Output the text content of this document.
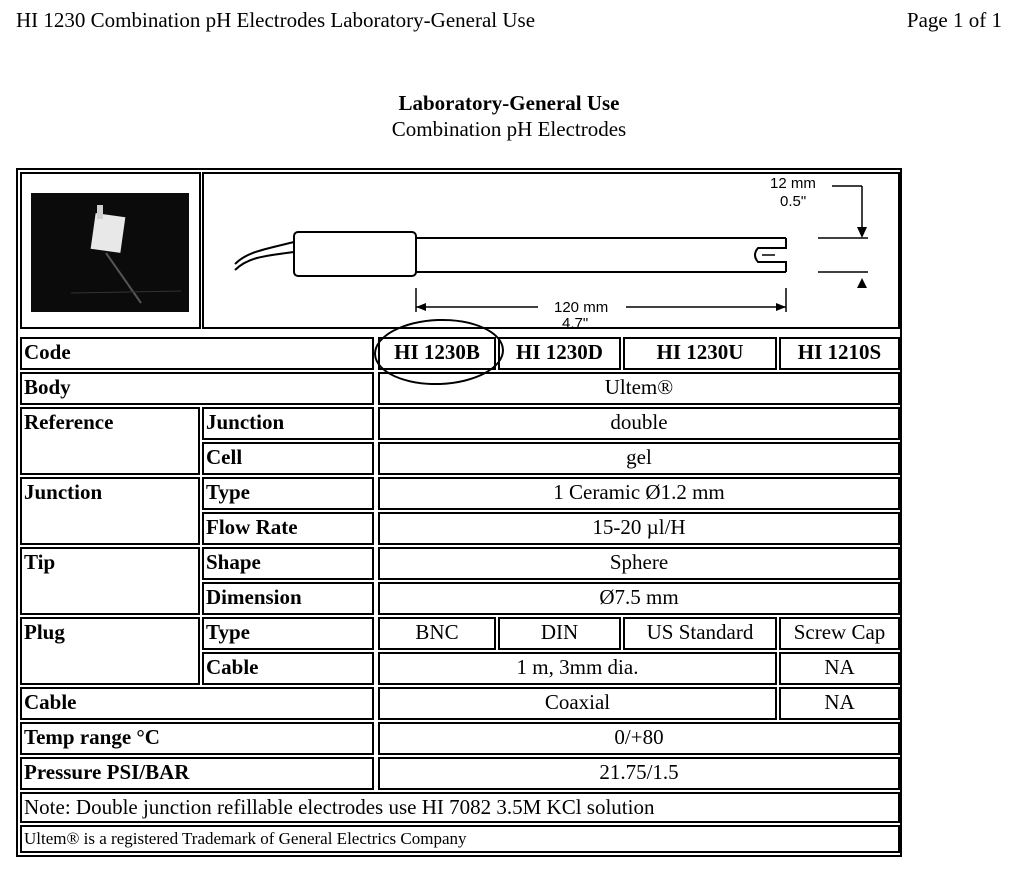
HI 1230 Combination pH Electrodes Laboratory-General Use	Page 1 of 1
Laboratory-General Use
Combination pH Electrodes
12 mm
0.5"
120 mm
4.7"
Code	HI 1230B	HI 1230D	HI 1230U	HI 1210S
Body	Ultem®
Reference	Junction	double
Cell	gel
Junction	Type	1 Ceramic Ø1.2 mm
Flow Rate	15-20 µl/H
Tip	Shape	Sphere
Dimension	Ø7.5 mm
Plug	Type	BNC	DIN	US Standard	Screw Cap
Cable	1 m, 3mm dia.	NA
Cable	Coaxial	NA
Temp range °C	0/+80
Pressure PSI/BAR	21.75/1.5
Note: Double junction refillable electrodes use HI 7082 3.5M KCl solution
Ultem® is a registered Trademark of General Electrics Company
